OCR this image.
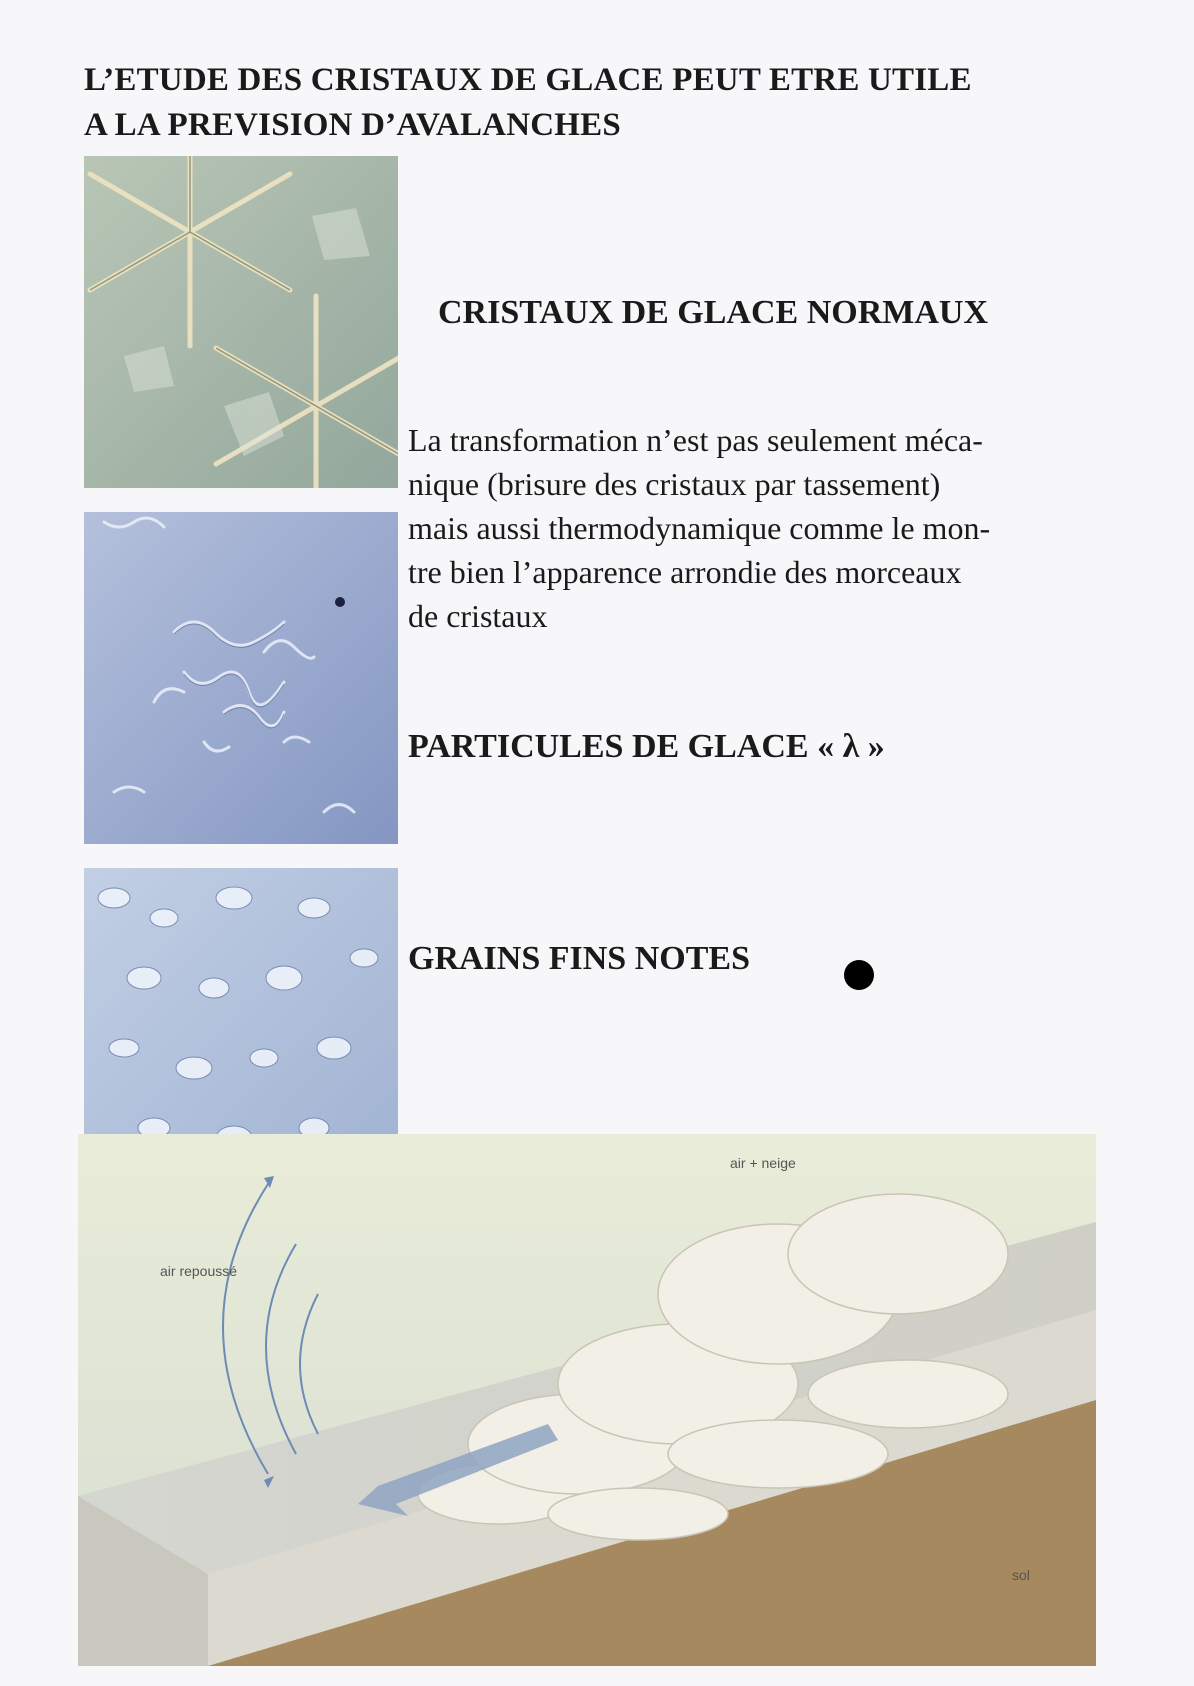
L’ETUDE DES CRISTAUX DE GLACE PEUT ETRE UTILE
A LA PREVISION D’AVALANCHES
CRISTAUX DE GLACE NORMAUX
La transformation n’est pas seulement méca-
nique (brisure des cristaux par tassement)
mais aussi thermodynamique comme le mon-
tre bien l’apparence arrondie des morceaux
de cristaux
PARTICULES DE GLACE « λ »
GRAINS FINS NOTES
air + neige
air repoussé
sol
